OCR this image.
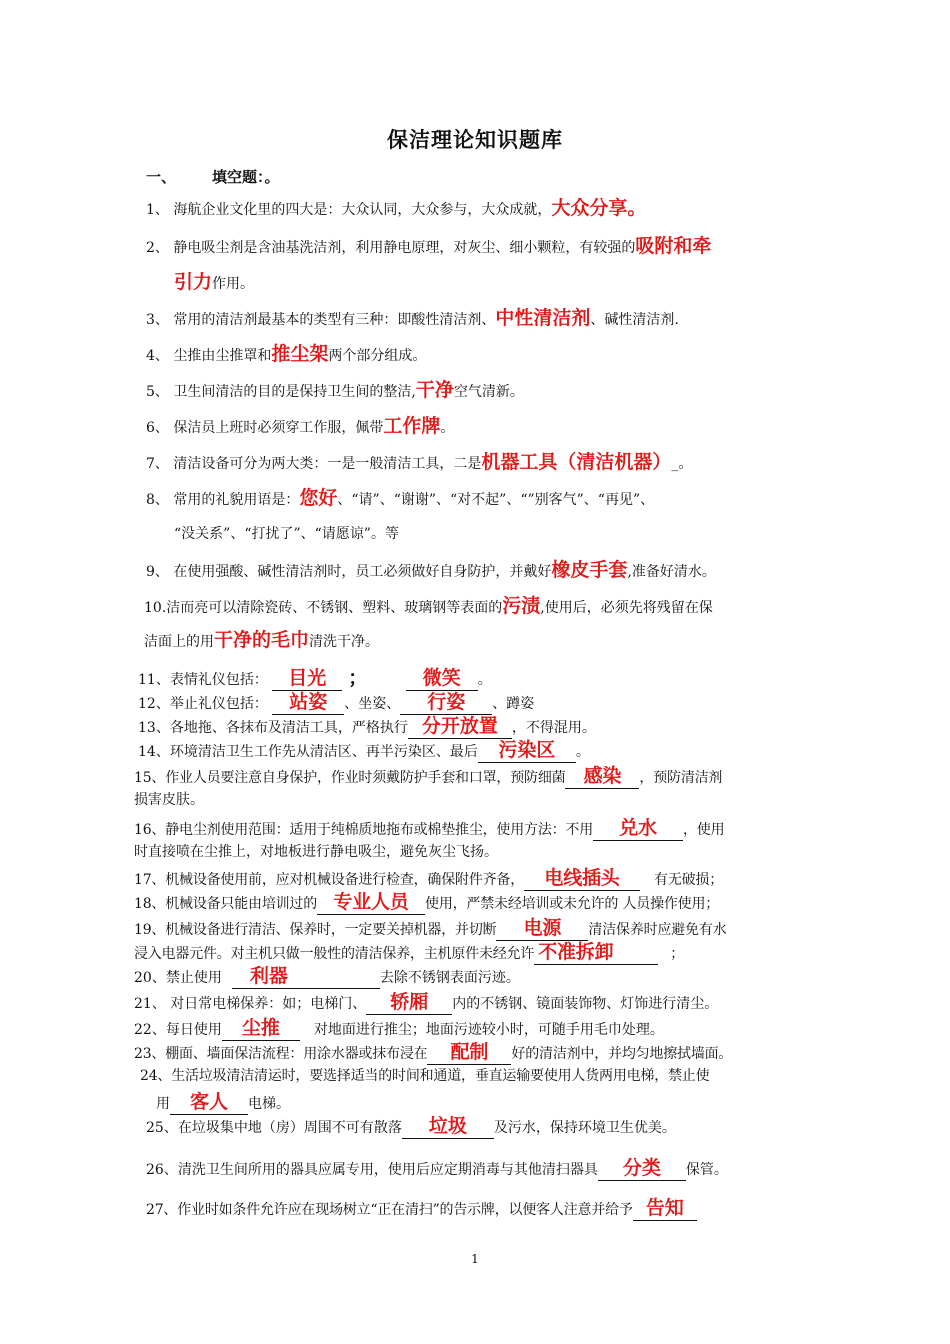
保洁理论知识题库
一、 填空题：。
1、 海航企业文化里的四大是：大众认同，大众参与，大众成就，大众分享。
2、 静电吸尘剂是含油基洗洁剂，利用静电原理，对灰尘、细小颗粒，有较强的吸附和牵
引力作用。
3、 常用的清洁剂最基本的类型有三种：即酸性清洁剂、中性清洁剂、碱性清洁剂.
4、 尘推由尘推罩和推尘架两个部分组成。
5、 卫生间清洁的目的是保持卫生间的整洁,干净空气清新。
6、 保洁员上班时必须穿工作服，佩带工作牌。
7、 清洁设备可分为两大类：一是一般清洁工具，二是机器工具（清洁机器）_。
8、 常用的礼貌用语是：您好、“请”、“谢谢”、“对不起”、“”别客气”、“再见”、
“没关系”、“打扰了”、“请愿谅”。等
9、 在使用强酸、碱性清洁剂时，员工必须做好自身防护，并戴好橡皮手套,准备好清水。
10.洁而亮可以清除瓷砖、不锈钢、塑料、玻璃钢等表面的污渍,使用后，必须先将残留在保
洁面上的用干净的毛巾清洗干净。
11、表情礼仪包括： 目光 ；	微笑 。
12、举止礼仪包括： 站姿 、坐姿、 行姿 、蹲姿
13、各地拖、各抹布及清洁工具，严格执行 分开放置 ，不得混用。
14、环境清洁卫生工作先从清洁区、再半污染区、最后 污染区 。
15、作业人员要注意自身保护，作业时须戴防护手套和口罩，预防细菌 感染 ，预防清洁剂
损害皮肤。
16、静电尘剂使用范围：适用于纯棉质地拖布或棉垫推尘，使用方法：不用 兑水 ，使用
时直接喷在尘推上，对地板进行静电吸尘，避免灰尘飞扬。
17、机械设备使用前，应对机械设备进行检查，确保附件齐备， 电线插头 有无破损；
18、机械设备只能由培训过的 专业人员 使用，严禁未经培训或未允许的 人员操作使用；
19、机械设备进行清洁、保养时，一定要关掉机器，并切断 电源 清洁保养时应避免有水
浸入电器元件。对主机只做一般性的清洁保养，主机原件未经允许 不准拆卸	；
20、禁止使用 利器	去除不锈钢表面污迹。
21、 对日常电梯保养：如；电梯门、 轿厢 内的不锈钢、镜面装饰物、灯饰进行清尘。
22、每日使用 尘推 对地面进行推尘；地面污迹较小时，可随手用毛巾处理。
23、棚面、墙面保洁流程：用涂水器或抹布浸在 配制 好的清洁剂中，并均匀地擦拭墙面。
24、生活垃圾清洁清运时，要选择适当的时间和通道，垂直运输要使用人货两用电梯，禁止使
用 客人 电梯。
25、在垃圾集中地（房）周围不可有散落 垃圾 及污水，保持环境卫生优美。
26、清洗卫生间所用的器具应属专用，使用后应定期消毒与其他清扫器具 分类 保管。
27、作业时如条件允许应在现场树立“正在清扫”的告示牌，以便客人注意并给予 告知
1
